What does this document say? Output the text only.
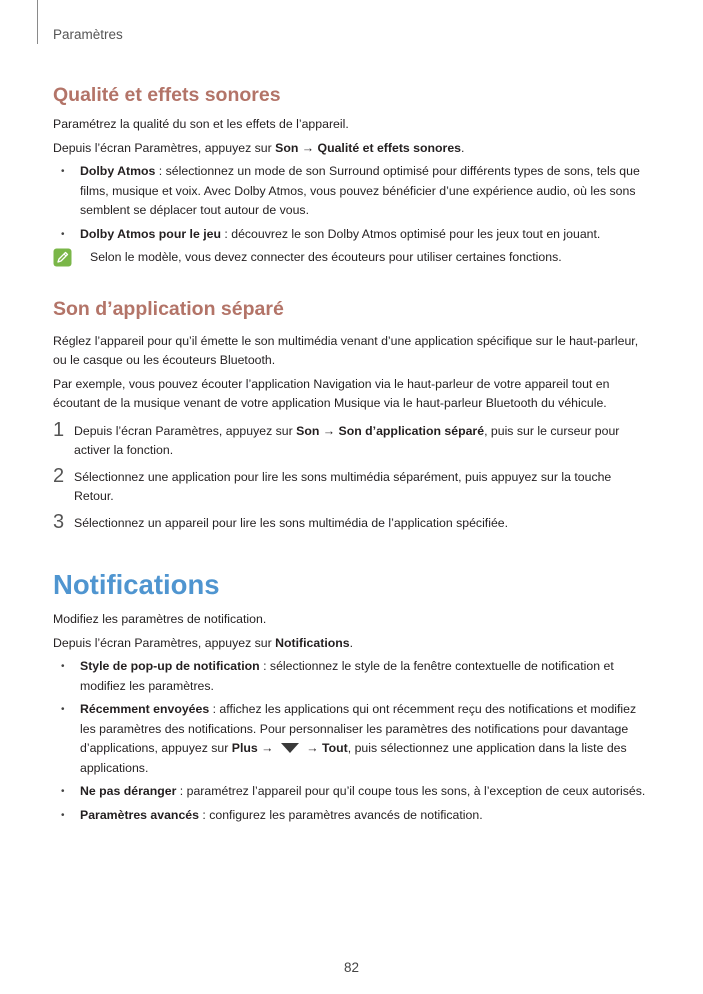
Paramètres
Qualité et effets sonores

Paramétrez la qualité du son et les effets de l’appareil.

Depuis l’écran Paramètres, appuyez sur Son → Qualité et effets sonores.

• Dolby Atmos : sélectionnez un mode de son Surround optimisé pour différents types de sons, tels que films, musique et voix. Avec Dolby Atmos, vous pouvez bénéficier d’une expérience audio, où les sons semblent se déplacer tout autour de vous.
• Dolby Atmos pour le jeu : découvrez le son Dolby Atmos optimisé pour les jeux tout en jouant.
Selon le modèle, vous devez connecter des écouteurs pour utiliser certaines fonctions.
Son d’application séparé

Réglez l’appareil pour qu’il émette le son multimédia venant d’une application spécifique sur le haut-parleur, ou le casque ou les écouteurs Bluetooth.

Par exemple, vous pouvez écouter l’application Navigation via le haut-parleur de votre appareil tout en écoutant de la musique venant de votre application Musique via le haut-parleur Bluetooth du véhicule.

1 Depuis l’écran Paramètres, appuyez sur Son → Son d’application séparé, puis sur le curseur pour activer la fonction.
2 Sélectionnez une application pour lire les sons multimédia séparément, puis appuyez sur la touche Retour.
3 Sélectionnez un appareil pour lire les sons multimédia de l’application spécifiée.
Notifications

Modifiez les paramètres de notification.

Depuis l’écran Paramètres, appuyez sur Notifications.

• Style de pop-up de notification : sélectionnez le style de la fenêtre contextuelle de notification et modifiez les paramètres.
• Récemment envoyées : affichez les applications qui ont récemment reçu des notifications et modifiez les paramètres des notifications. Pour personnaliser les paramètres des notifications pour davantage d’applications, appuyez sur Plus →  → Tout, puis sélectionnez une application dans la liste des applications.
• Ne pas déranger : paramétrez l’appareil pour qu’il coupe tous les sons, à l’exception de ceux autorisés.
• Paramètres avancés : configurez les paramètres avancés de notification.
82
